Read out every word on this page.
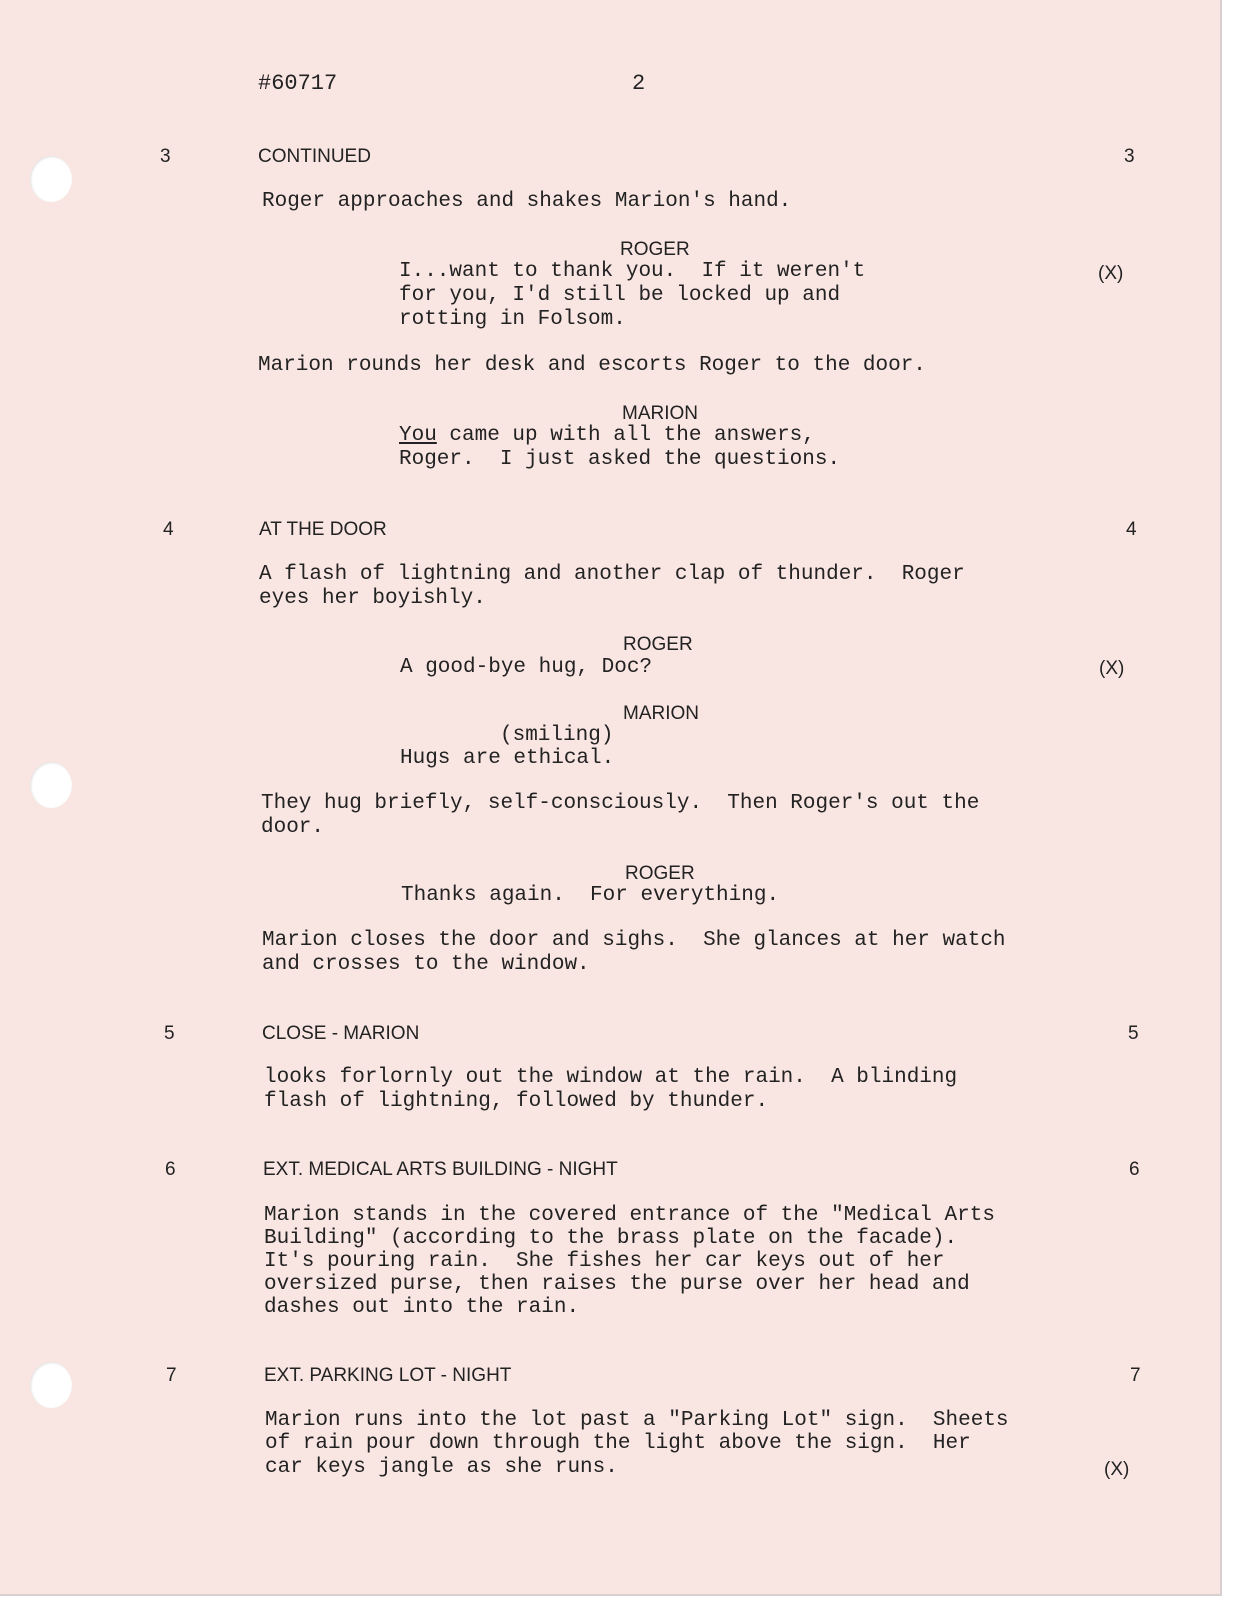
#60717	2
3	CONTINUED	3
Roger approaches and shakes Marion's hand.
ROGER
I...want to thank you.  If it weren't	(X)
for you, I'd still be locked up and
rotting in Folsom.
Marion rounds her desk and escorts Roger to the door.
MARION
You came up with all the answers,
Roger.  I just asked the questions.
4	AT THE DOOR	4
A flash of lightning and another clap of thunder.  Roger
eyes her boyishly.
ROGER
A good-bye hug, Doc?	(X)
MARION
(smiling)
Hugs are ethical.
They hug briefly, self-consciously.  Then Roger's out the
door.
ROGER
Thanks again.  For everything.
Marion closes the door and sighs.  She glances at her watch
and crosses to the window.
5	CLOSE - MARION	5
looks forlornly out the window at the rain.  A blinding
flash of lightning, followed by thunder.
6	EXT. MEDICAL ARTS BUILDING - NIGHT	6
Marion stands in the covered entrance of the "Medical Arts
Building" (according to the brass plate on the facade).
It's pouring rain.  She fishes her car keys out of her
oversized purse, then raises the purse over her head and
dashes out into the rain.
7	EXT. PARKING LOT - NIGHT	7
Marion runs into the lot past a "Parking Lot" sign.  Sheets
of rain pour down through the light above the sign.  Her
car keys jangle as she runs.	(X)
